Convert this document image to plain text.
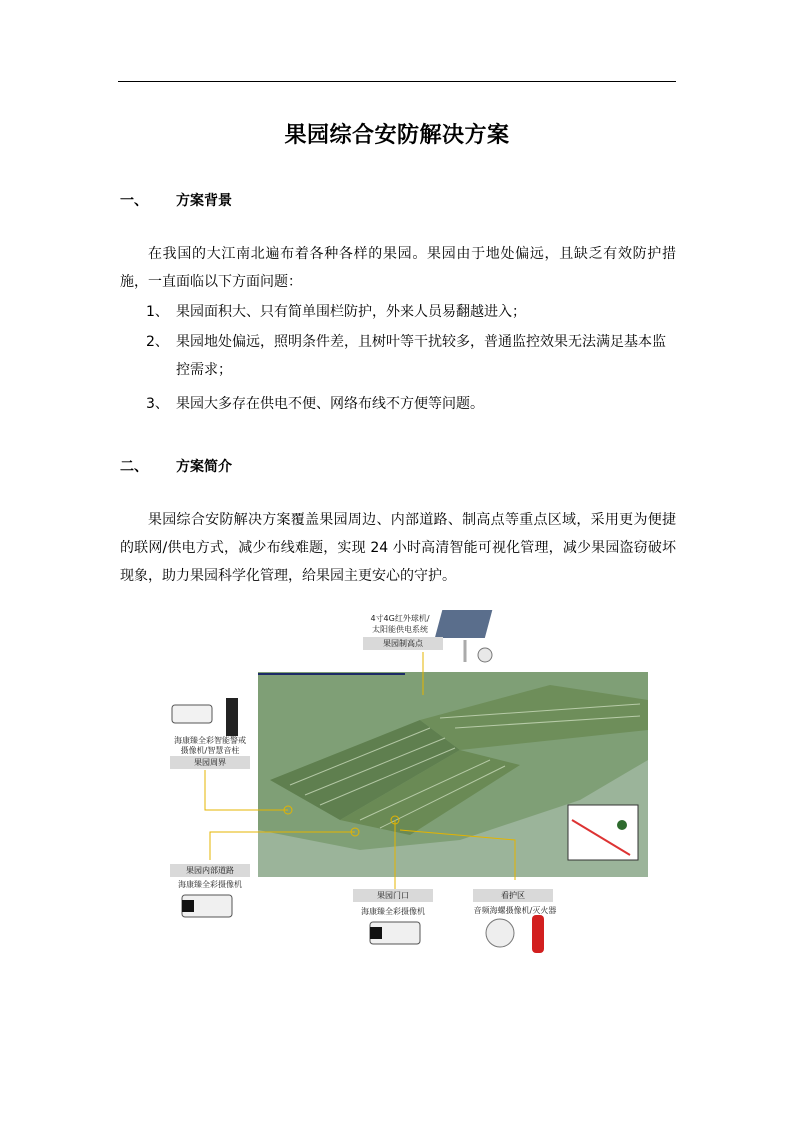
果园综合安防解决方案
一、 方案背景
在我国的大江南北遍布着各种各样的果园。果园由于地处偏远，且缺乏有效防护措施，一直面临以下方面问题：
1、 果园面积大、只有简单围栏防护，外来人员易翻越进入；
2、 果园地处偏远，照明条件差，且树叶等干扰较多，普通监控效果无法满足基本监控需求；
3、 果园大多存在供电不便、网络布线不方便等问题。
二、 方案简介
果园综合安防解决方案覆盖果园周边、内部道路、制高点等重点区域，采用更为便捷的联网/供电方式，减少布线难题，实现 24 小时高清智能可视化管理，减少果园盗窃破坏现象，助力果园科学化管理，给果园主更安心的守护。
4寸4G红外球机/
太阳能供电系统
果园制高点
海康臻全彩智能警戒
摄像机/智慧音柱
果园周界
果园内部道路
海康臻全彩摄像机
果园门口
海康臻全彩摄像机
看护区
音频海螺摄像机/灭火器
